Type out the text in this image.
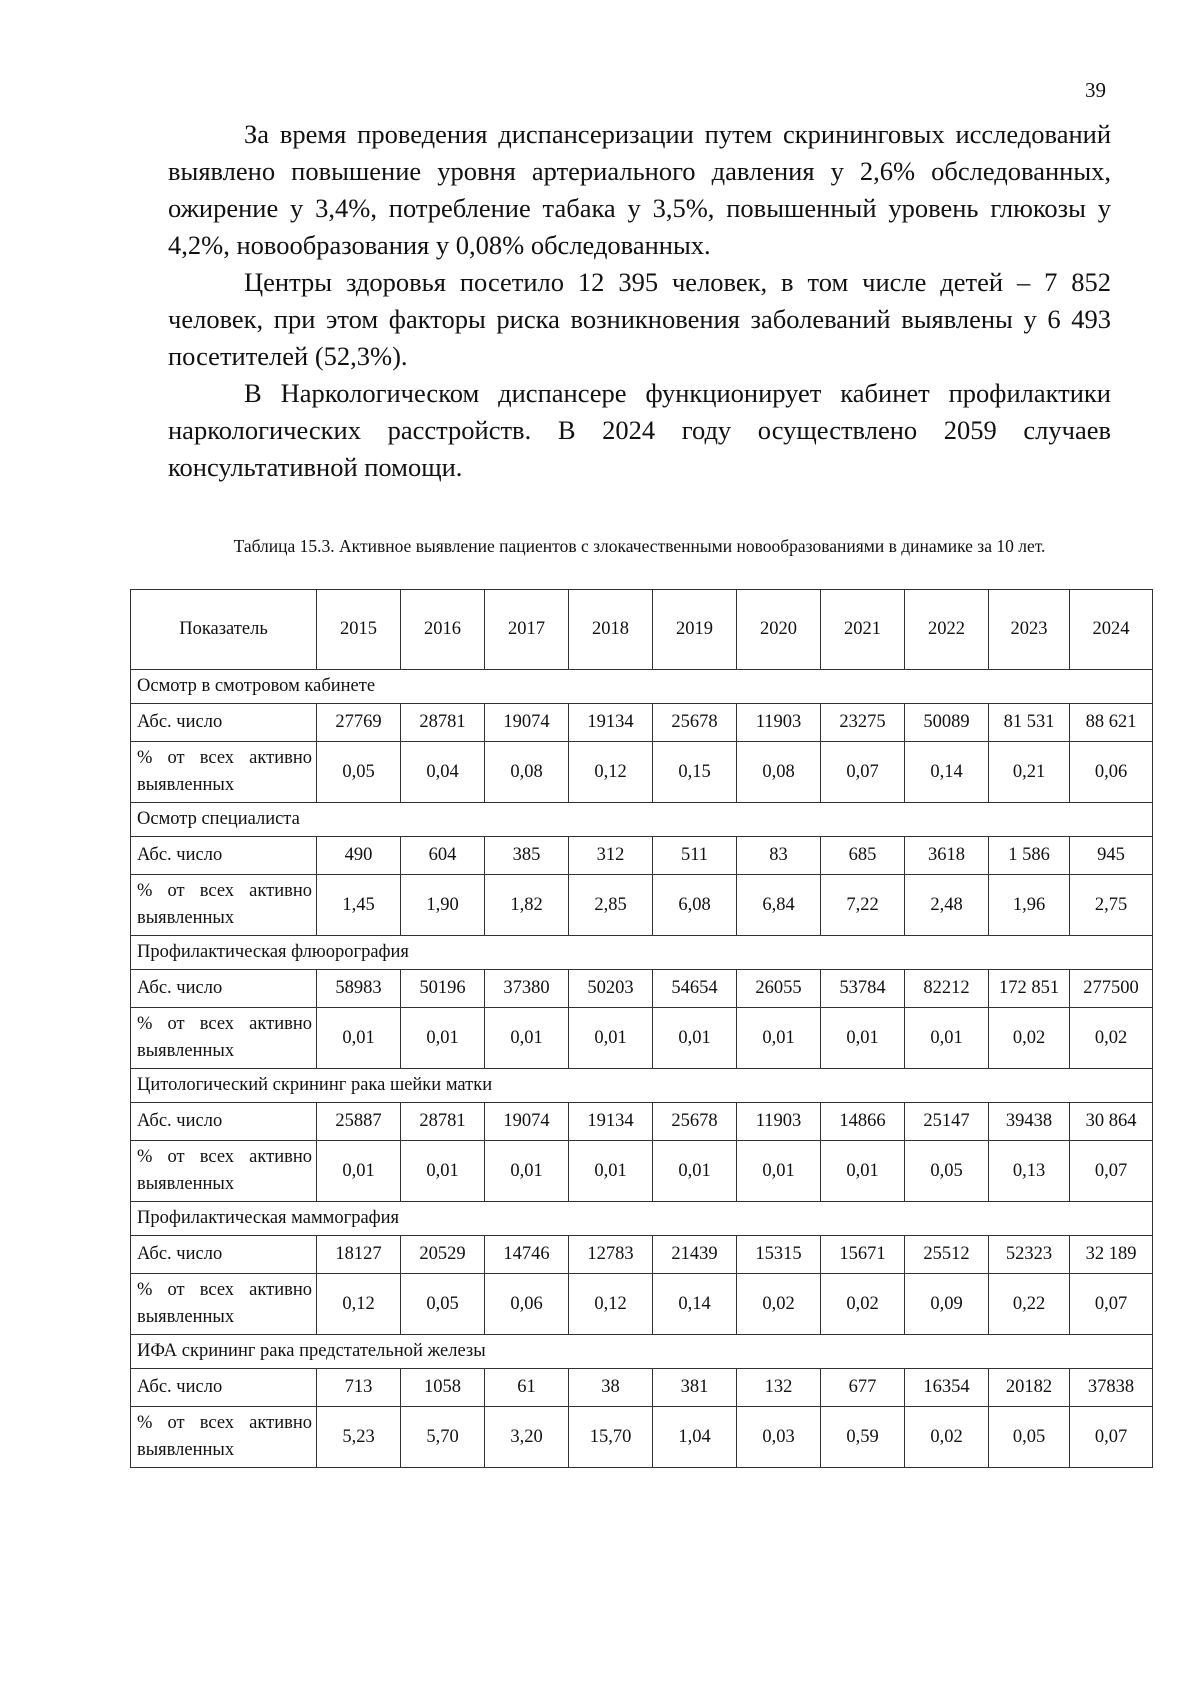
39

За время проведения диспансеризации путем скрининговых исследований выявлено повышение уровня артериального давления у 2,6% обследованных, ожирение у 3,4%, потребление табака у 3,5%, повышенный уровень глюкозы у 4,2%, новообразования у 0,08% обследованных.

Центры здоровья посетило 12 395 человек, в том числе детей – 7 852 человек, при этом факторы риска возникновения заболеваний выявлены у 6 493 посетителей (52,3%).

В Наркологическом диспансере функционирует кабинет профилактики наркологических расстройств. В 2024 году осуществлено 2059 случаев консультативной помощи.

Таблица 15.3. Активное выявление пациентов с злокачественными новообразованиями в динамике за 10 лет.
Показатель	2015	2016	2017	2018	2019	2020	2021	2022	2023	2024
Осмотр в смотровом кабинете										
Абс. число	27769	28781	19074	19134	25678	11903	23275	50089	81 531	88 621
% от всех активно выявленных	0,05	0,04	0,08	0,12	0,15	0,08	0,07	0,14	0,21	0,06
Осмотр специалиста										
Абс. число	490	604	385	312	511	83	685	3618	1 586	945
% от всех активно выявленных	1,45	1,90	1,82	2,85	6,08	6,84	7,22	2,48	1,96	2,75
Профилактическая флюорография										
Абс. число	58983	50196	37380	50203	54654	26055	53784	82212	172 851	277500
% от всех активно выявленных	0,01	0,01	0,01	0,01	0,01	0,01	0,01	0,01	0,02	0,02
Цитологический скрининг рака шейки матки										
Абс. число	25887	28781	19074	19134	25678	11903	14866	25147	39438	30 864
% от всех активно выявленных	0,01	0,01	0,01	0,01	0,01	0,01	0,01	0,05	0,13	0,07
Профилактическая маммография										
Абс. число	18127	20529	14746	12783	21439	15315	15671	25512	52323	32 189
% от всех активно выявленных	0,12	0,05	0,06	0,12	0,14	0,02	0,02	0,09	0,22	0,07
ИФА скрининг рака предстательной железы										
Абс. число	713	1058	61	38	381	132	677	16354	20182	37838
% от всех активно выявленных	5,23	5,70	3,20	15,70	1,04	0,03	0,59	0,02	0,05	0,07
